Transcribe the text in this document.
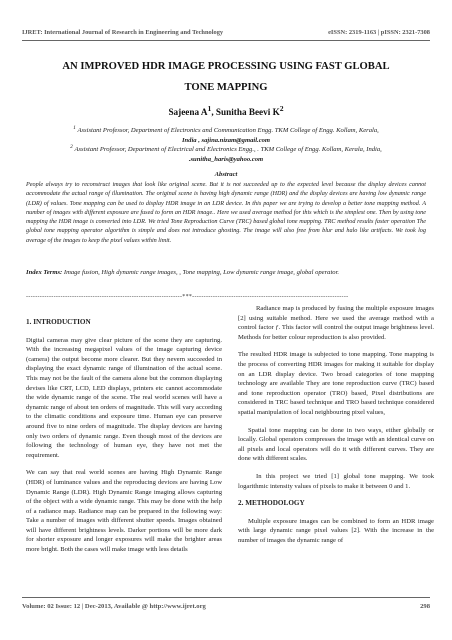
IJRET: International Journal of Research in Engineering and Technology	eISSN: 2319-1163 | pISSN: 2321-7308
AN IMPROVED HDR IMAGE PROCESSING USING FAST GLOBAL
TONE MAPPING
Sajeena $A^1$, Sunitha Beevi $K^2$
$^1$ Assistant Professor, Department of Electronics and Communication Engg. TKM College of Engg. Kollam, Kerala,
India , sajina.nizam@gmail.com
$^2$ Assistant Professor, Department of Electrical and Electronics Engg., . TKM College of Engg. Kollam, Kerala, India,
.sunitha_haris@yahoo.com
Abstract
People always try to reconstruct images that look like original scene. But it is not succeeded up to the expected level because the display devices cannot accommodate the actual range of illumination. The original scene is having high dynamic range (HDR) and the display devices are having low dynamic range (LDR) of values. Tone mapping can be used to display HDR image in an LDR device. In this paper we are trying to develop a better tone mapping method. A number of images with different exposure are fused to form an HDR image.. Here we used average method for this which is the simplest one. Then by using tone mapping the HDR image is converted into LDR. We tried Tone Reproduction Curve (TRC) based global tone mapping. TRC method results faster operation The global tone mapping operator algorithm is simple and does not introduce ghosting. The image will also free from blur and halo like artifacts. We took log average of the images to keep the pixel values within limit.
Index Terms: Image fusion, High dynamic range images, , Tone mapping, Low dynamic range image, global operator.
--------------------------------------------------------------------***--------------------------------------------------------------------
1. INTRODUCTION

Digital cameras may give clear picture of the scene they are capturing. With the increasing megapixel values of the image capturing device (camera) the output become more clearer. But they nevern succeeded in displaying the exact dynamic range of illumination of the actual scene. This may not be the fault of the camera alone but the common displaying devises like CRT, LCD, LED displays, printers etc cannot accommodate the wide dynamic range of the scene. The real world scenes will have a dynamic range of about ten orders of magnitude. This will vary according to the climatic conditions and exposure time. Human eye can preserve around five to nine orders of magnitude. The display devices are having only two orders of dynamic range. Even though most of the devices are following the technology of human eye, they have not met the requirement.

We can say that real world scenes are having High Dynamic Range (HDR) of luminance values and the reproducing devices are having Low Dynamic Range (LDR). High Dynamic Range imaging allows capturing of the object with a wide dynamic range. This may be done with the help of a radiance map. Radiance map can be prepared in the following way: Take a number of images with different shutter speeds. Images obtained will have different brightness levels. Darker portions will be more dark for shorter exposure and longer exposures will make the brighter areas more bright. Both the cases will make image with less details

Radiance map is produced by fusing the multiple exposure images [2] using suitable method. Here we used the average method with a control factor ƒ. This factor will control the output image brightness level. Methods for better colour reproduction is also provided.

The resulted HDR image is subjected to tone mapping. Tone mapping is the process of converting HDR images for making it suitable for display on an LDR display device. Two broad categories of tone mapping technology are available They are tone reproduction curve (TRC) based and tone reproduction operator (TRO) based, Pixel distributions are considered in TRC based technique and TRO based technique considered spatial manipulation of local neighbouring pixel values,

Spatial tone mapping can be done in two ways, either globally or locally. Global operators compresses the image with an identical curve on all pixels and local operators will do it with different curves. They are done with different scales.

In this project we tried [1] global tone mapping. We took logarithmic intensity values of pixels to make it between 0 and 1.

2. METHODOLOGY

Multiple exposure images can be combined to form an HDR image with large dynamic range pixel values [2]. With the increase in the number of images the dynamic range of

Volume: 02 Issue: 12 | Dec-2013, Available @ http://www.ijret.org	298
